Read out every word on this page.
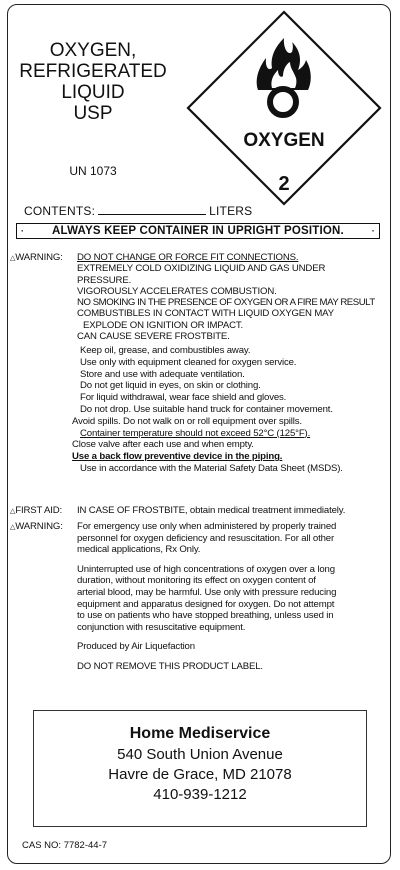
OXYGEN,
REFRIGERATED
LIQUID
USP
UN 1073
OXYGEN
2
CONTENTS:	LITERS
· ALWAYS KEEP CONTAINER IN UPRIGHT POSITION.	·
△WARNING: DO NOT CHANGE OR FORCE FIT CONNECTIONS.
EXTREMELY COLD OXIDIZING LIQUID AND GAS UNDER
PRESSURE.
VIGOROUSLY ACCELERATES COMBUSTION.
NO SMOKING IN THE PRESENCE OF OXYGEN OR A FIRE MAY RESULT
COMBUSTIBLES IN CONTACT WITH LIQUID OXYGEN MAY
EXPLODE ON IGNITION OR IMPACT.
CAN CAUSE SEVERE FROSTBITE.
Keep oil, grease, and combustibles away.
Use only with equipment cleaned for oxygen service.
Store and use with adequate ventilation.
Do not get liquid in eyes, on skin or clothing.
For liquid withdrawal, wear face shield and gloves.
Do not drop. Use suitable hand truck for container movement.
Avoid spills. Do not walk on or roll equipment over spills.
Container temperature should not exceed 52°C (125°F).
Close valve after each use and when empty.
Use a back flow preventive device in the piping.
Use in accordance with the Material Safety Data Sheet (MSDS).
△FIRST AID: IN CASE OF FROSTBITE, obtain medical treatment immediately.
△WARNING: For emergency use only when administered by properly trained
personnel for oxygen deficiency and resuscitation. For all other
medical applications, Rx Only.
Uninterrupted use of high concentrations of oxygen over a long
duration, without monitoring its effect on oxygen content of
arterial blood, may be harmful. Use only with pressure reducing
equipment and apparatus designed for oxygen. Do not attempt
to use on patients who have stopped breathing, unless used in
conjunction with resuscitative equipment.
Produced by Air Liquefaction
DO NOT REMOVE THIS PRODUCT LABEL.
Home Mediservice
540 South Union Avenue
Havre de Grace, MD 21078
410-939-1212
CAS NO: 7782-44-7
